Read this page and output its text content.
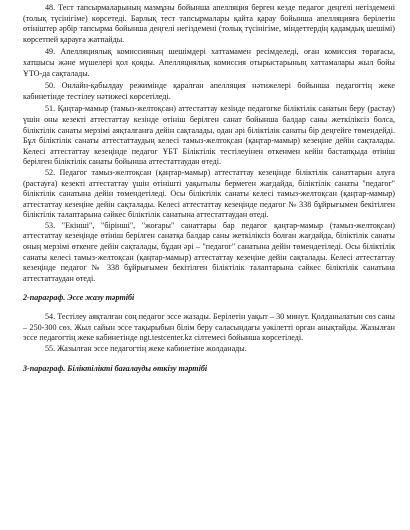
48. Тест тапсырмаларының мазмұны бойынша апелляция берген кезде педагог деңгелі негіздемені (толық түсінігіме) көрсетеді. Барлық тест тапсырмалары қайта қарау бойынша апелляцияға берілетін өтініштер әрбір тапсырма бойынша деңгелі негіздемені (толық түсінігіме, міндеттердің қадамдық шешімі) көрсетпей қарауға жатпайды.

49. Апелляциялық комиссияның шешімдері хаттамамен ресімделеді, оған комиссия төрағасы, хатшысы және мүшелері қол қояды. Апелляциялық комиссия отырыстарының хаттамалары жыл бойы ҰТО-да сақталады.

50. Онлайн-қабылдау режимінде қаралған апелляция нәтижелері бойынша педагогтің жеке кабинетінде тестілеу нәтижесі көрсетіледі.

51. Қаңтар-мамыр (тамыз-желтоқсан) аттестаттау кезінде педагогке біліктілік санатын беру (растау) үшін оны кезекті аттестаттау кезінде өтініш берілген санат бойынша балдар саны жеткіліксіз болса, біліктілік санаты мерзімі аяқталғанға дейін сақталады, одан әрі біліктілік санаты бір деңгейге төмендейді. Бұл біліктілік санаты аттестаттаудың келесі тамыз-желтоқсан (қаңтар-мамыр) кезеңіне дейін сақталады. Келесі аттестаттау кезеңінде педагог ҰБТ Біліктілік тестілеуінен өткенмен кейін бастапқыда өтініш берілген біліктілік санаты бойынша аттестаттаудан өтеді.

52. Педагог тамыз-желтоқсан (қаңтар-мамыр) аттестаттау кезеңінде біліктілік санаттарын алуға (растауға) кезекті аттестаттау үшін өтінішті уақытылы бермеген жағдайда, біліктілік санаты "педагог" біліктілік санатына дейін төмендетіледі. Осы біліктілік санаты келесі тамыз-желтоқсан (қаңтар-мамыр) аттестаттау кезеңіне дейін сақталады. Келесі аттестаттау кезеңінде педагог № 338 бұйрығымен бекітілген біліктілік талаптарына сәйкес біліктілік санатына аттестаттаудан өтеді.

53. "Екінші", "бірінші", "жоғары" санаттары бар педагог қаңтар-мамыр (тамыз-желтоқсан) аттестаттау кезеңінде өтініш берілген санатқа балдар саны жеткіліксіз болған жағдайда, біліктілік санаты оның мерзімі өткенге дейін сақталады, бұдан әрі – "педагог" санатына дейін төмендетіледі. Осы біліктілік санаты келесі тамыз-желтоқсан (қаңтар-мамыр) аттестаттау кезеңіне дейін сақталады. Келесі аттестаттау кезеңінде педагог № 338 бұйрығымен бекітілген біліктілік талаптарына сәйкес біліктілік санатына аттестаттаудан өтеді.

2-параграф. Эссе жазу тәртібі

54. Тестілеу аяқталған соң педагог эссе жазады. Берілетін уақыт – 30 минут. Қолданылатын сөз саны – 250-300 сөз. Жыл сайын эссе тақырыбын білім беру саласындағы уәкілетті орган анықтайды. Жазылған эссе педагогтің жеке кабинетінде ngt.testcenter.kz сілтемесі бойынша көрсетіледі.

55. Жазылған эссе педагогтің жеке кабинетіне жолданады.

3-параграф. Біліктілікті бағалауды өткізу тәртібі
